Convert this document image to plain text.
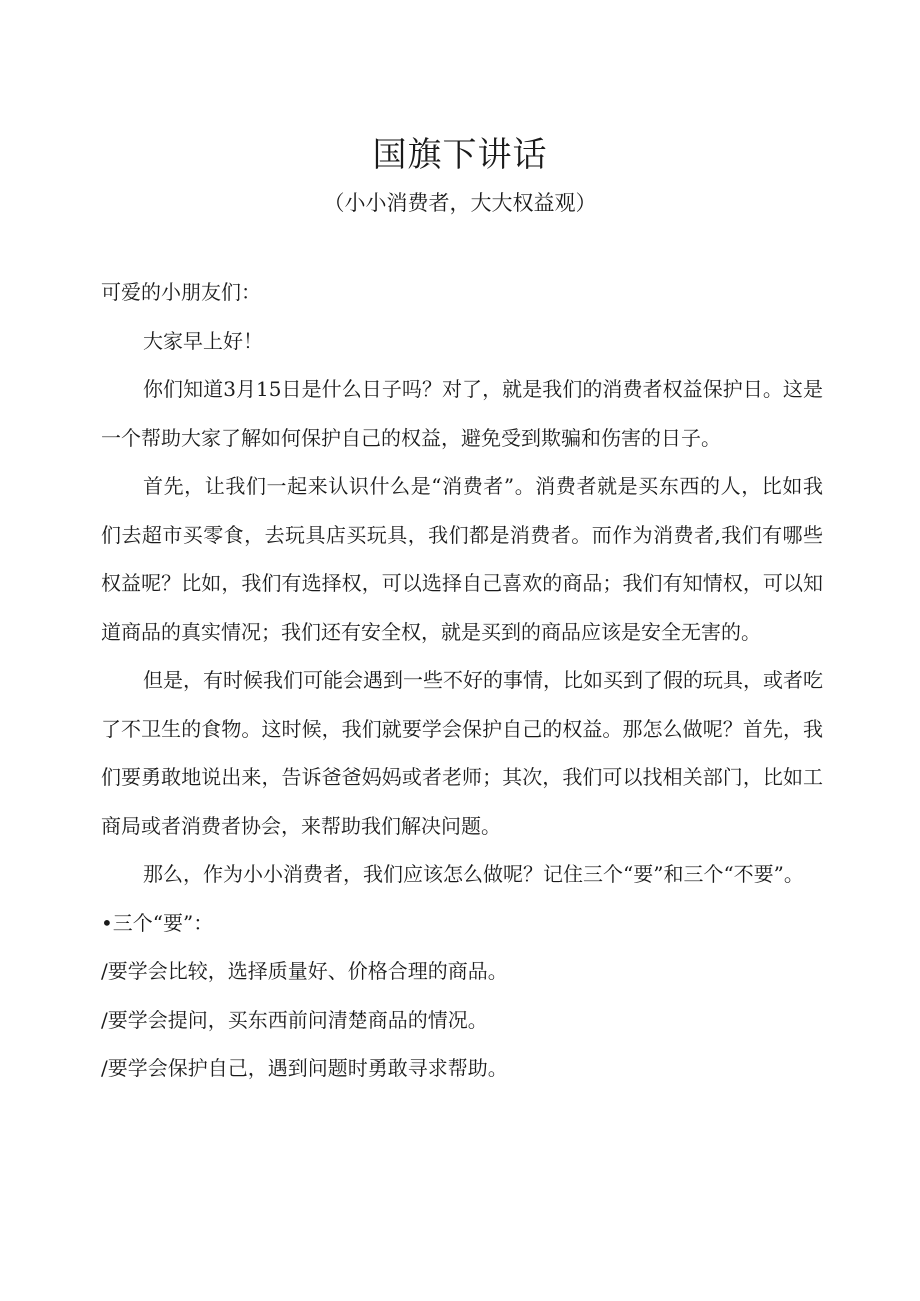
国旗下讲话
（小小消费者，大大权益观）

可爱的小朋友们：

大家早上好！

你们知道3月15日是什么日子吗？对了，就是我们的消费者权益保护日。这是一个帮助大家了解如何保护自己的权益，避免受到欺骗和伤害的日子。

首先，让我们一起来认识什么是“消费者”。消费者就是买东西的人，比如我们去超市买零食，去玩具店买玩具，我们都是消费者。而作为消费者,我们有哪些权益呢？比如，我们有选择权，可以选择自己喜欢的商品；我们有知情权，可以知道商品的真实情况；我们还有安全权，就是买到的商品应该是安全无害的。

但是，有时候我们可能会遇到一些不好的事情，比如买到了假的玩具，或者吃了不卫生的食物。这时候，我们就要学会保护自己的权益。那怎么做呢？首先，我们要勇敢地说出来，告诉爸爸妈妈或者老师；其次，我们可以找相关部门，比如工商局或者消费者协会，来帮助我们解决问题。

那么，作为小小消费者，我们应该怎么做呢？记住三个“要”和三个“不要”。

•三个“要”：

/要学会比较，选择质量好、价格合理的商品。

/要学会提问，买东西前问清楚商品的情况。

/要学会保护自己，遇到问题时勇敢寻求帮助。
